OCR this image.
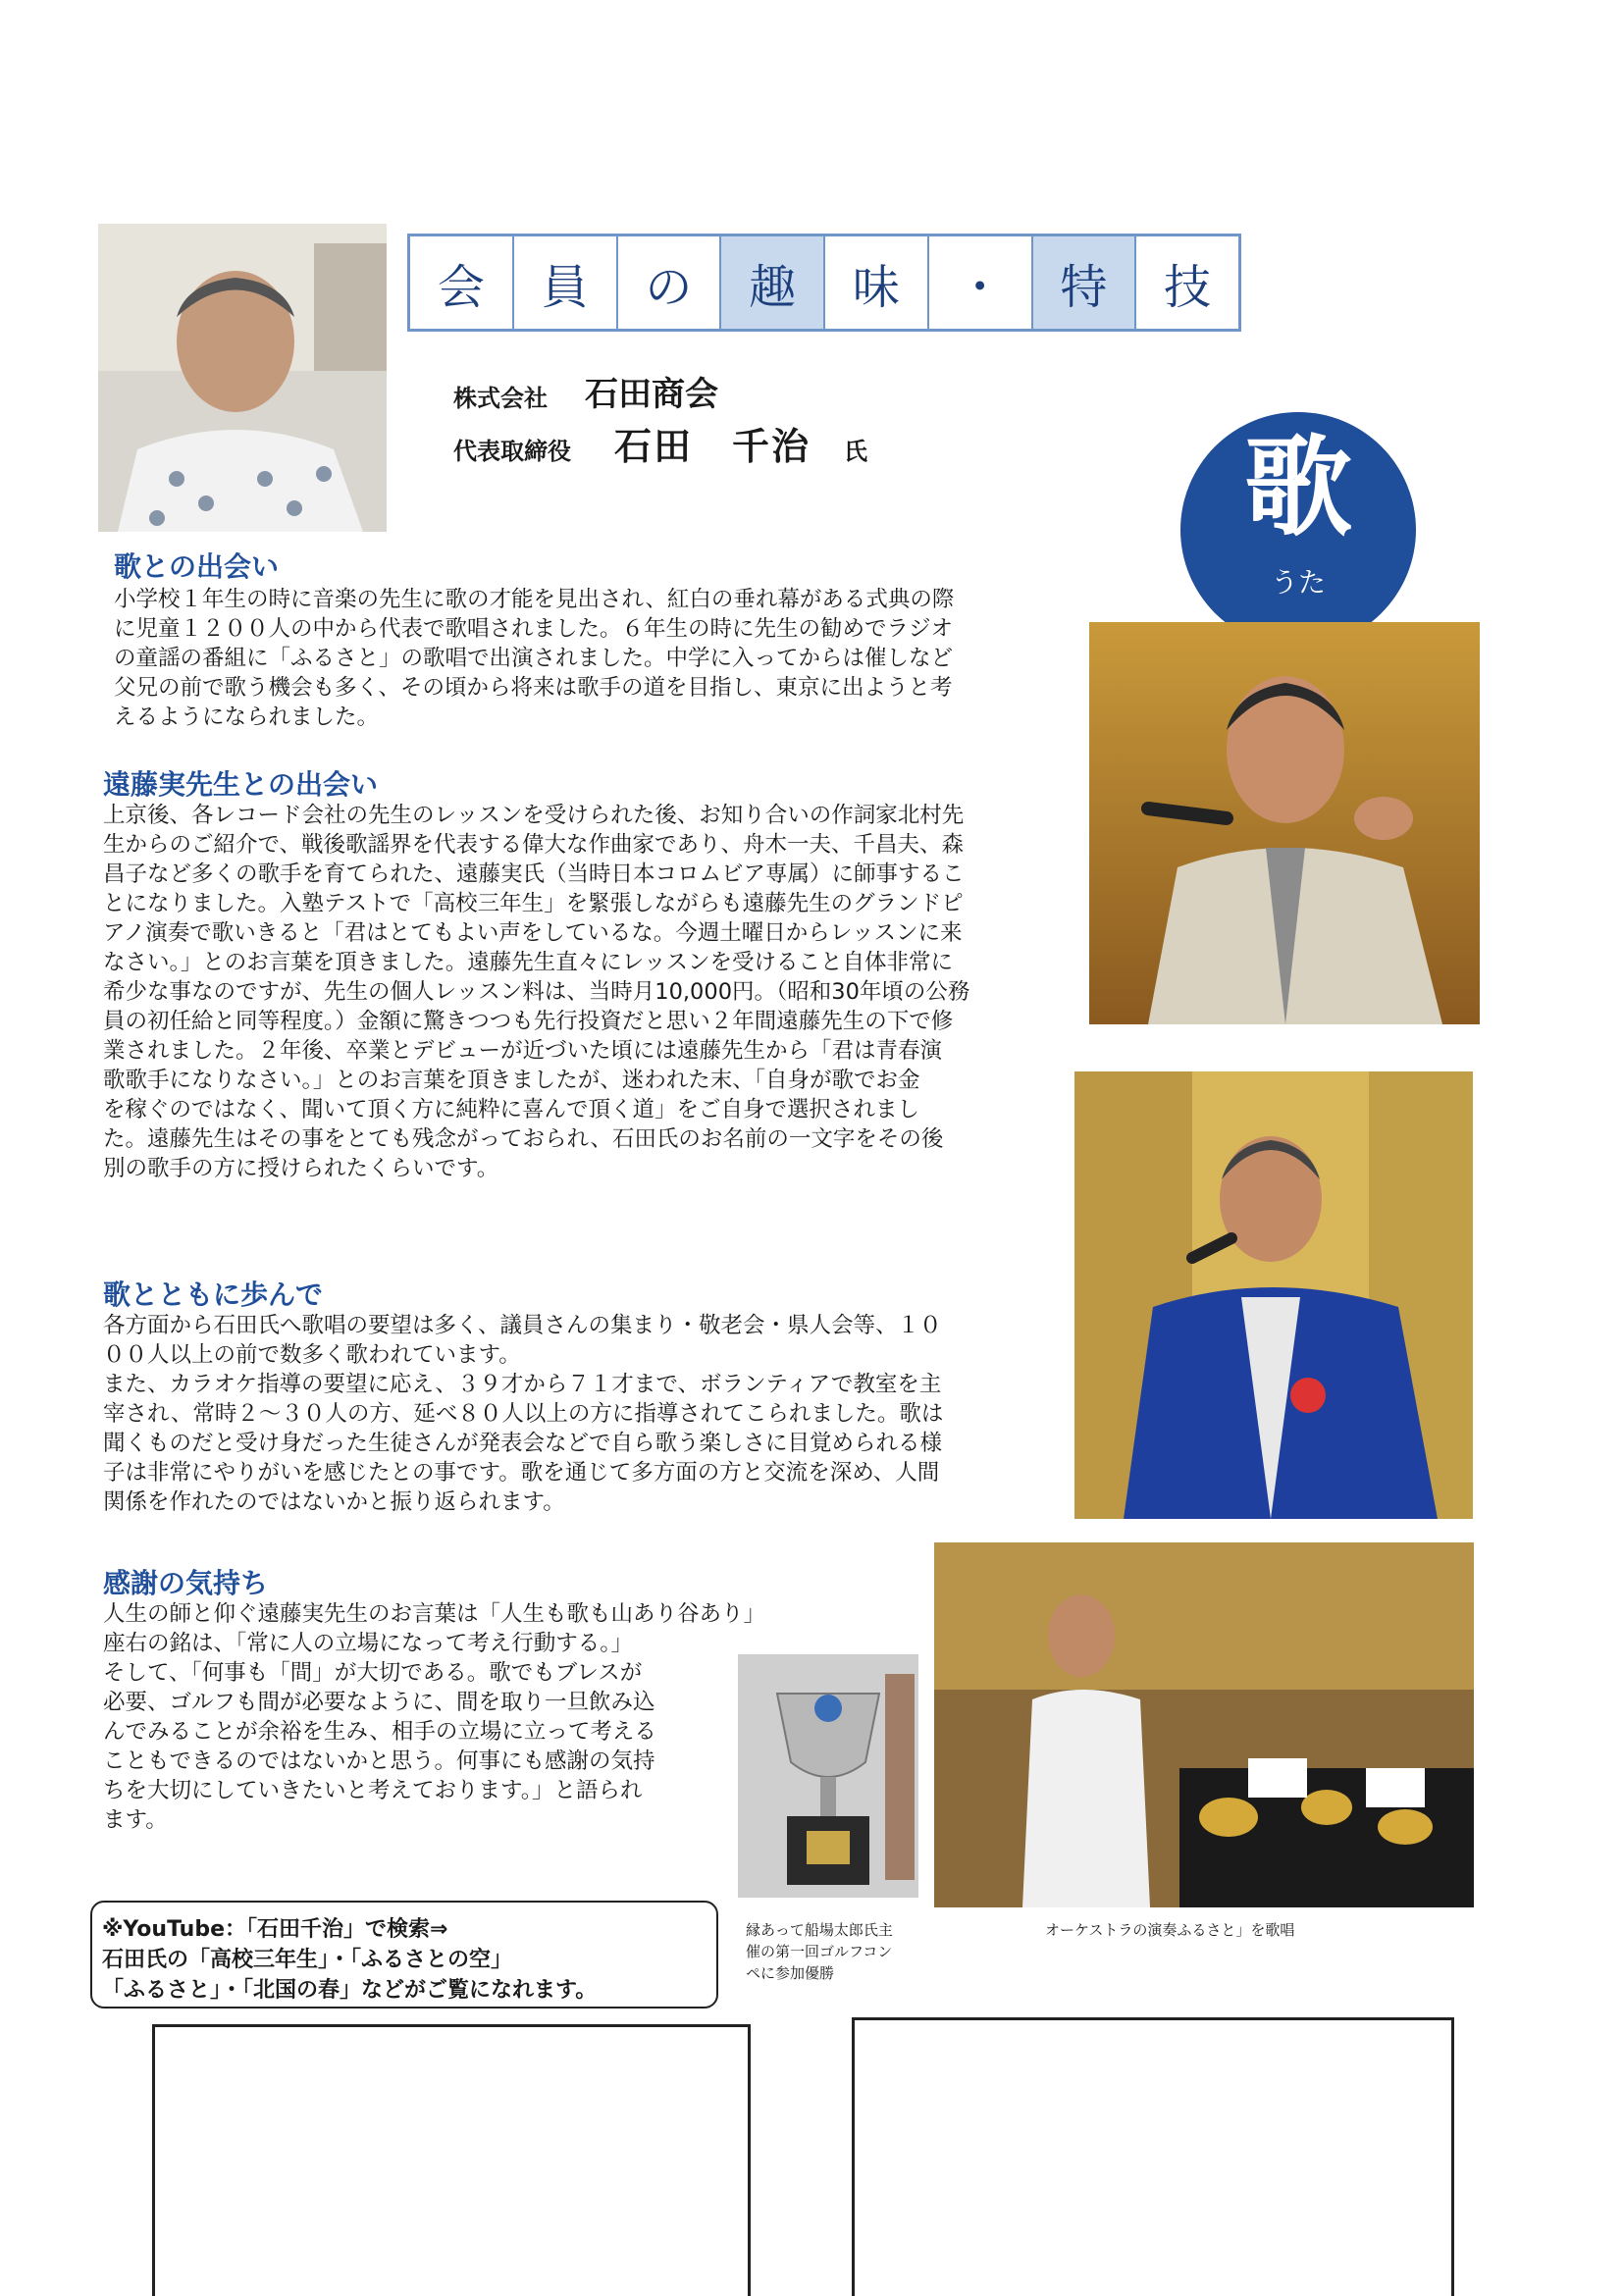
会	員	の	趣	味	・	特	技
株式会社 石田商会
代表取締役 石田　千治 氏	歌
うた
歌との出会い
小学校１年生の時に音楽の先生に歌の才能を見出され、紅白の垂れ幕がある式典の際
に児童１２００人の中から代表で歌唱されました。６年生の時に先生の勧めでラジオ
の童謡の番組に「ふるさと」の歌唱で出演されました。中学に入ってからは催しなど
父兄の前で歌う機会も多く、その頃から将来は歌手の道を目指し、東京に出ようと考
えるようになられました。
遠藤実先生との出会い
上京後、各レコード会社の先生のレッスンを受けられた後、お知り合いの作詞家北村先
生からのご紹介で、戦後歌謡界を代表する偉大な作曲家であり、舟木一夫、千昌夫、森
昌子など多くの歌手を育てられた、遠藤実氏（当時日本コロムビア専属）に師事するこ
とになりました。入塾テストで「高校三年生」を緊張しながらも遠藤先生のグランドピ
アノ演奏で歌いきると「君はとてもよい声をしているな。今週土曜日からレッスンに来
なさい。」とのお言葉を頂きました。遠藤先生直々にレッスンを受けること自体非常に
希少な事なのですが、先生の個人レッスン料は、当時月10,000円。（昭和30年頃の公務
員の初任給と同等程度。）金額に驚きつつも先行投資だと思い２年間遠藤先生の下で修
業されました。２年後、卒業とデビューが近づいた頃には遠藤先生から「君は青春演
歌歌手になりなさい。」とのお言葉を頂きましたが、迷われた末、「自身が歌でお金
を稼ぐのではなく、聞いて頂く方に純粋に喜んで頂く道」をご自身で選択されまし
た。遠藤先生はその事をとても残念がっておられ、石田氏のお名前の一文字をその後
別の歌手の方に授けられたくらいです。
歌とともに歩んで
各方面から石田氏へ歌唱の要望は多く、議員さんの集まり・敬老会・県人会等、１０
００人以上の前で数多く歌われています。
また、カラオケ指導の要望に応え、３９才から７１才まで、ボランティアで教室を主
宰され、常時２～３０人の方、延べ８０人以上の方に指導されてこられました。歌は
聞くものだと受け身だった生徒さんが発表会などで自ら歌う楽しさに目覚められる様
子は非常にやりがいを感じたとの事です。歌を通じて多方面の方と交流を深め、人間
関係を作れたのではないかと振り返られます。
感謝の気持ち
人生の師と仰ぐ遠藤実先生のお言葉は「人生も歌も山あり谷あり」
座右の銘は、「常に人の立場になって考え行動する。」
そして、「何事も「間」が大切である。歌でもブレスが
必要、ゴルフも間が必要なように、間を取り一旦飲み込
んでみることが余裕を生み、相手の立場に立って考える
こともできるのではないかと思う。何事にも感謝の気持
ちを大切にしていきたいと考えております。」と語られ
ます。
縁あって船場太郎氏主
催の第一回ゴルフコン
ペに参加優勝
オーケストラの演奏ふるさと」を歌唱
※YouTube：「石田千治」で検索⇒
石田氏の「高校三年生」・「ふるさとの空」
「ふるさと」・「北国の春」などがご覧になれます。
